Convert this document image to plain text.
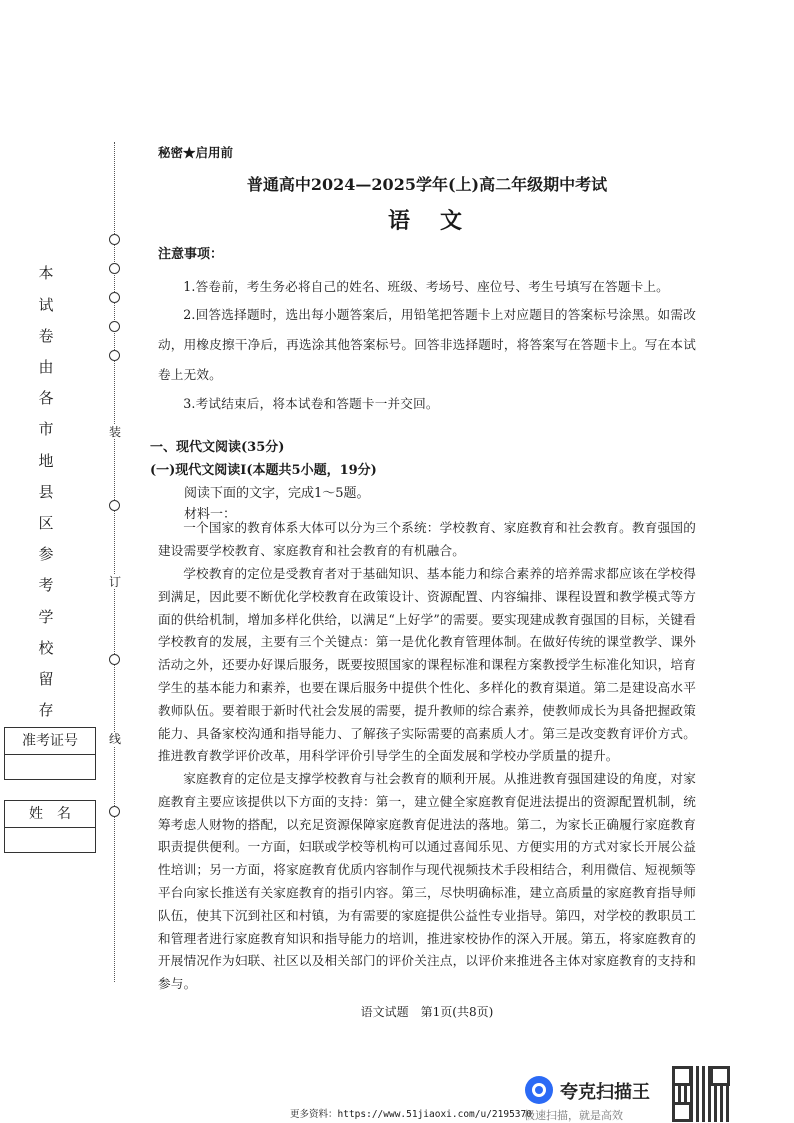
装
订
线
本
试
卷
由
各
市
地
县
区
参
考
学
校
留
存
准考证号
姓　名
秘密★启用前
普通高中2024—2025学年(上)高二年级期中考试
语　文
注意事项：
1.答卷前，考生务必将自己的姓名、班级、考场号、座位号、考生号填写在答题卡上。
2.回答选择题时，选出每小题答案后，用铅笔把答题卡上对应题目的答案标号涂黑。如需改动，用橡皮擦干净后，再选涂其他答案标号。回答非选择题时，将答案写在答题卡上。写在本试卷上无效。
3.考试结束后，将本试卷和答题卡一并交回。
一、现代文阅读(35分)
(一)现代文阅读Ⅰ(本题共5小题，19分)
阅读下面的文字，完成1～5题。
材料一：
一个国家的教育体系大体可以分为三个系统：学校教育、家庭教育和社会教育。教育强国的建设需要学校教育、家庭教育和社会教育的有机融合。
学校教育的定位是受教育者对于基础知识、基本能力和综合素养的培养需求都应该在学校得到满足，因此要不断优化学校教育在政策设计、资源配置、内容编排、课程设置和教学模式等方面的供给机制，增加多样化供给，以满足“上好学”的需要。要实现建成教育强国的目标，关键看学校教育的发展，主要有三个关键点：第一是优化教育管理体制。在做好传统的课堂教学、课外活动之外，还要办好课后服务，既要按照国家的课程标准和课程方案教授学生标准化知识，培育学生的基本能力和素养，也要在课后服务中提供个性化、多样化的教育渠道。第二是建设高水平教师队伍。要着眼于新时代社会发展的需要，提升教师的综合素养，使教师成长为具备把握政策能力、具备家校沟通和指导能力、了解孩子实际需要的高素质人才。第三是改变教育评价方式。推进教育教学评价改革，用科学评价引导学生的全面发展和学校办学质量的提升。
家庭教育的定位是支撑学校教育与社会教育的顺利开展。从推进教育强国建设的角度，对家庭教育主要应该提供以下方面的支持：第一，建立健全家庭教育促进法提出的资源配置机制，统筹考虑人财物的搭配，以充足资源保障家庭教育促进法的落地。第二，为家长正确履行家庭教育职责提供便利。一方面，妇联或学校等机构可以通过喜闻乐见、方便实用的方式对家长开展公益性培训；另一方面，将家庭教育优质内容制作与现代视频技术手段相结合，利用微信、短视频等平台向家长推送有关家庭教育的指引内容。第三，尽快明确标准，建立高质量的家庭教育指导师队伍，使其下沉到社区和村镇，为有需要的家庭提供公益性专业指导。第四，对学校的教职员工和管理者进行家庭教育知识和指导能力的培训，推进家校协作的深入开展。第五，将家庭教育的开展情况作为妇联、社区以及相关部门的评价关注点，以评价来推进各主体对家庭教育的支持和参与。
语文试题　第1页(共8页)
更多资料：https://www.51jiaoxi.com/u/2195370
夸克扫描王
极速扫描，就是高效
